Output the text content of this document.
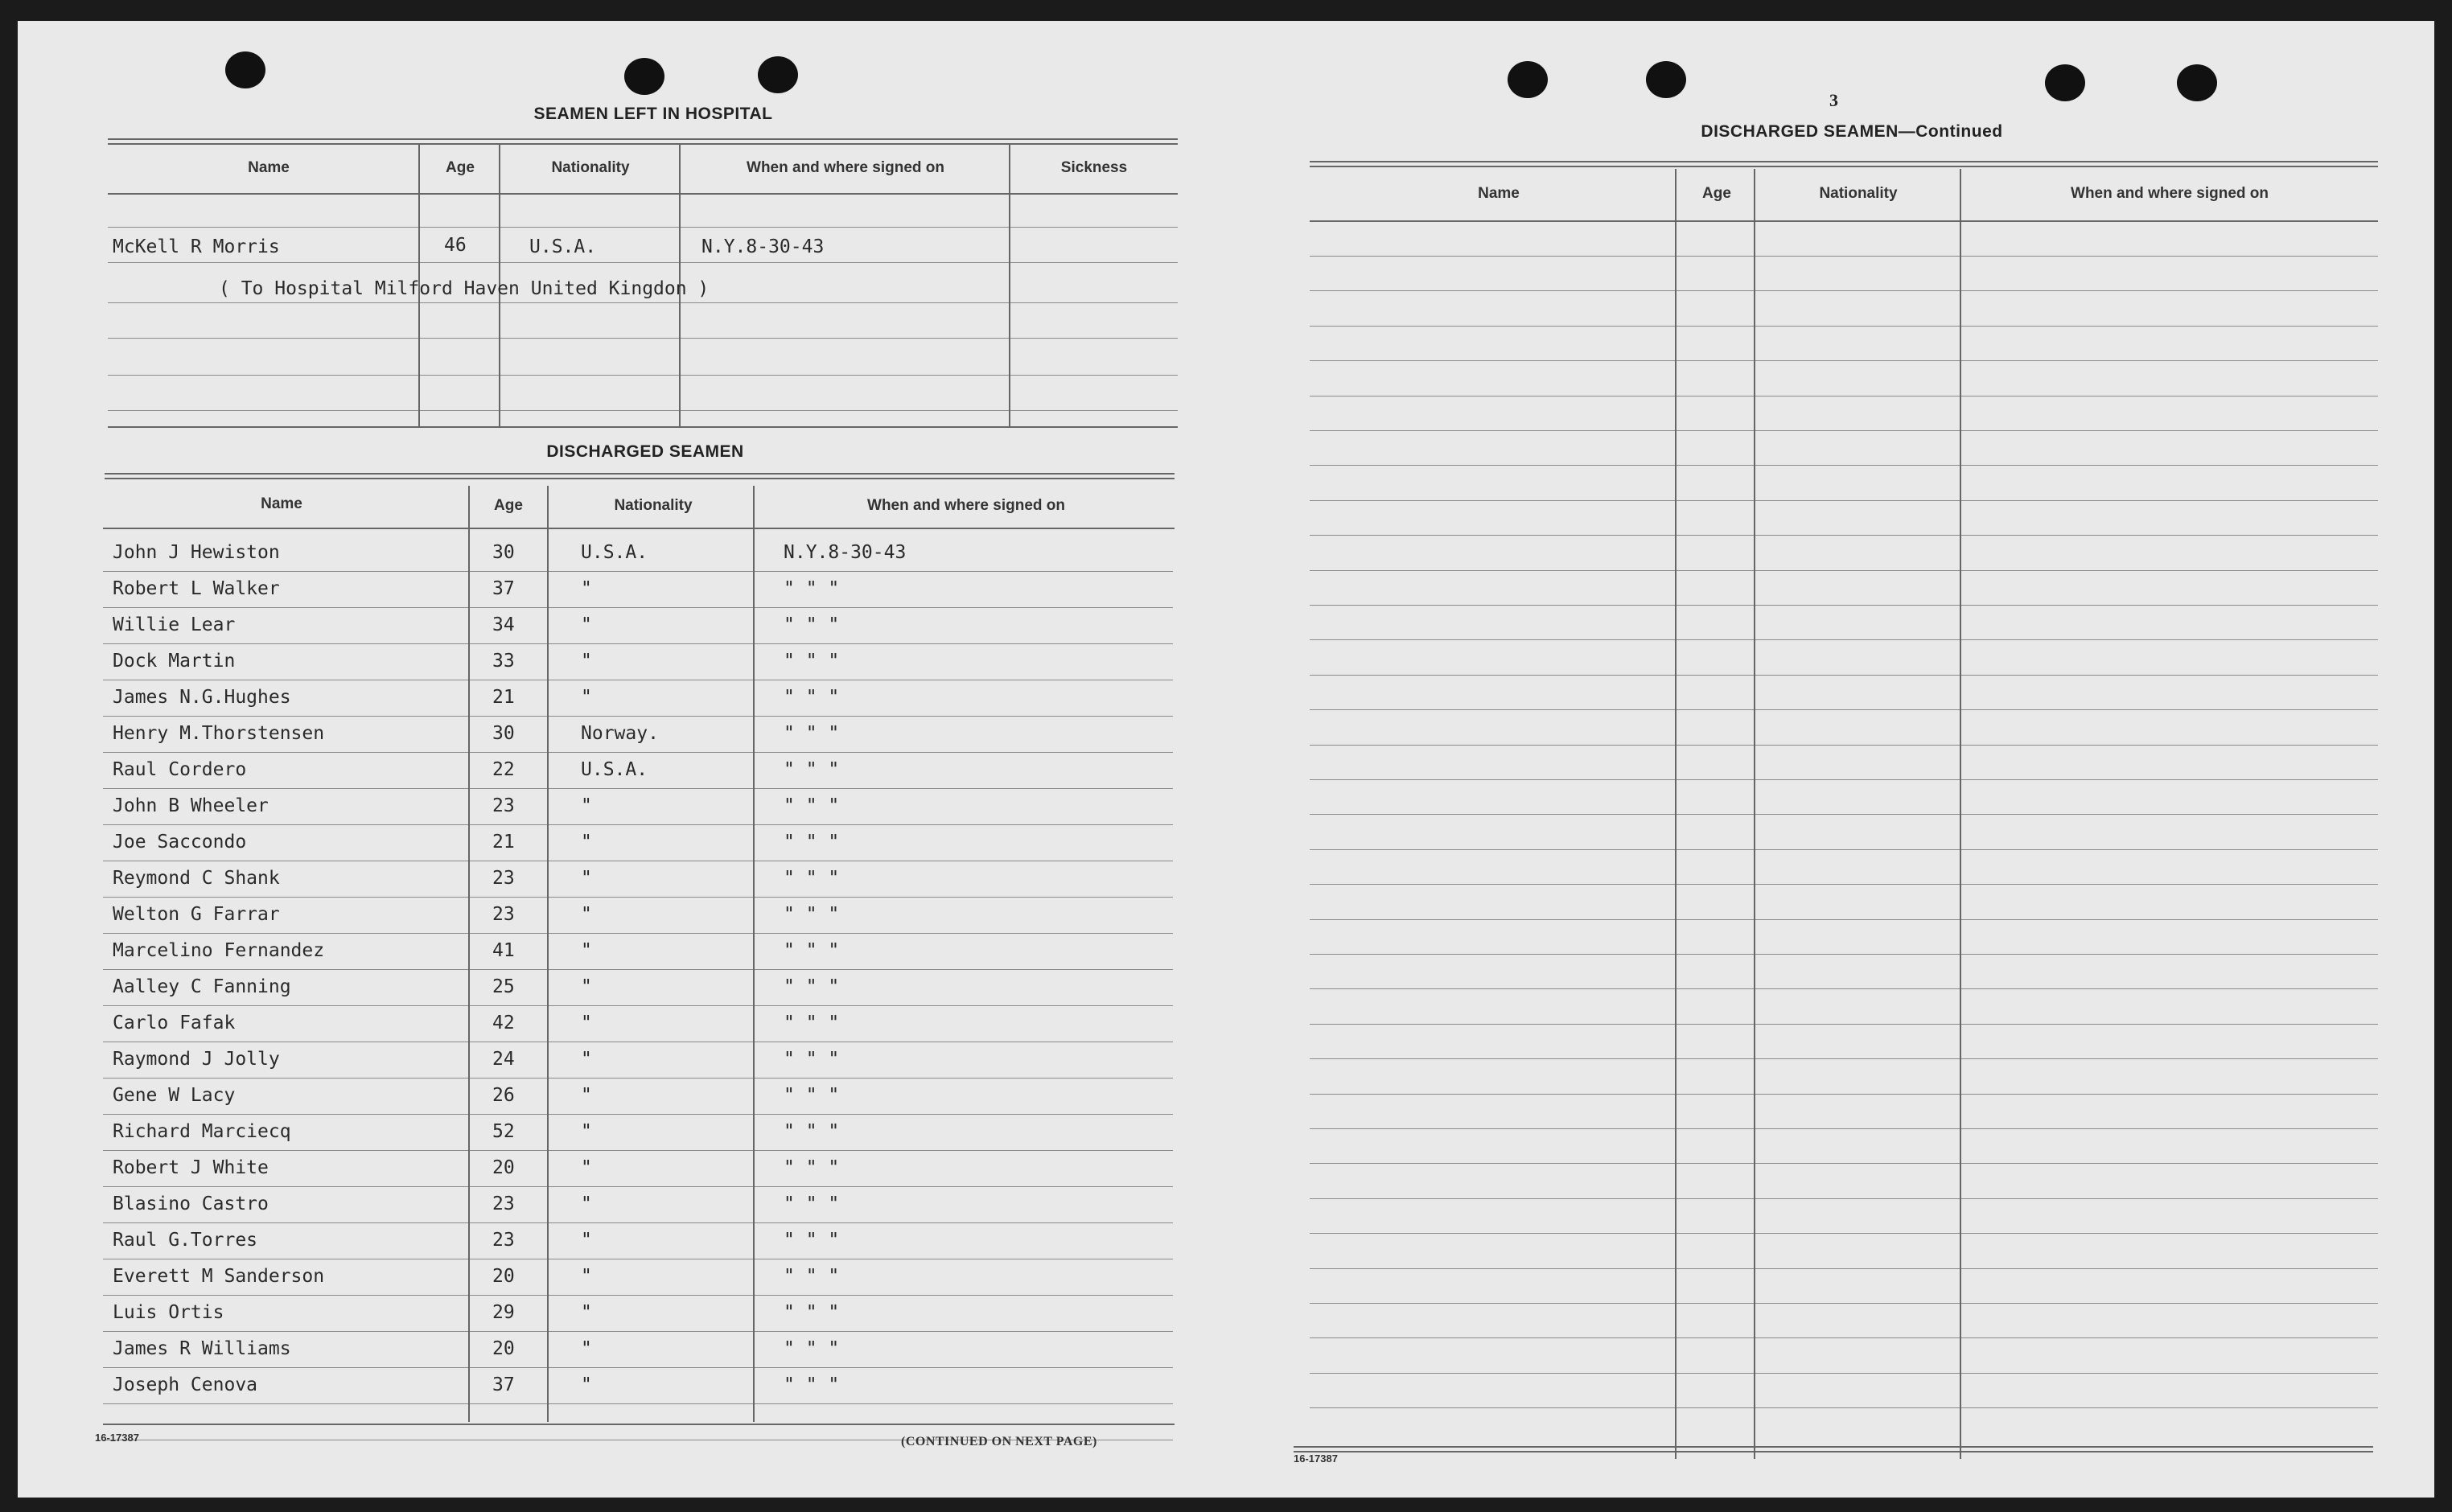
SEAMEN LEFT IN HOSPITAL
Name	Age	Nationality	When and where signed on	Sickness
McKell R Morris	46	U.S.A.	N.Y.8-30-43
( To Hospital Milford Haven United Kingdon )
DISCHARGED SEAMEN
Name	Age	Nationality	When and where signed on
John J Hewiston	30	U.S.A.	N.Y.8-30-43
Robert L Walker	37	"	" " "
Willie Lear	34	"	" " "
Dock Martin	33	"	" " "
James N.G.Hughes	21	"	" " "
Henry M.Thorstensen	30	Norway.	" " "
Raul Cordero	22	U.S.A.	" " "
John B Wheeler	23	"	" " "
Joe Saccondo	21	"	" " "
Reymond C Shank	23	"	" " "
Welton G Farrar	23	"	" " "
Marcelino Fernandez	41	"	" " "
Aalley C Fanning	25	"	" " "
Carlo Fafak	42	"	" " "
Raymond J Jolly	24	"	" " "
Gene W Lacy	26	"	" " "
Richard Marciecq	52	"	" " "
Robert J White	20	"	" " "
Blasino Castro	23	"	" " "
Raul G.Torres	23	"	" " "
Everett M Sanderson	20	"	" " "
Luis Ortis	29	"	" " "
James R Williams	20	"	" " "
Joseph Cenova	37	"	" " "
16-17387	(CONTINUED ON NEXT PAGE)
3
DISCHARGED SEAMEN—Continued
Name	Age	Nationality	When and where signed on
16-17387
